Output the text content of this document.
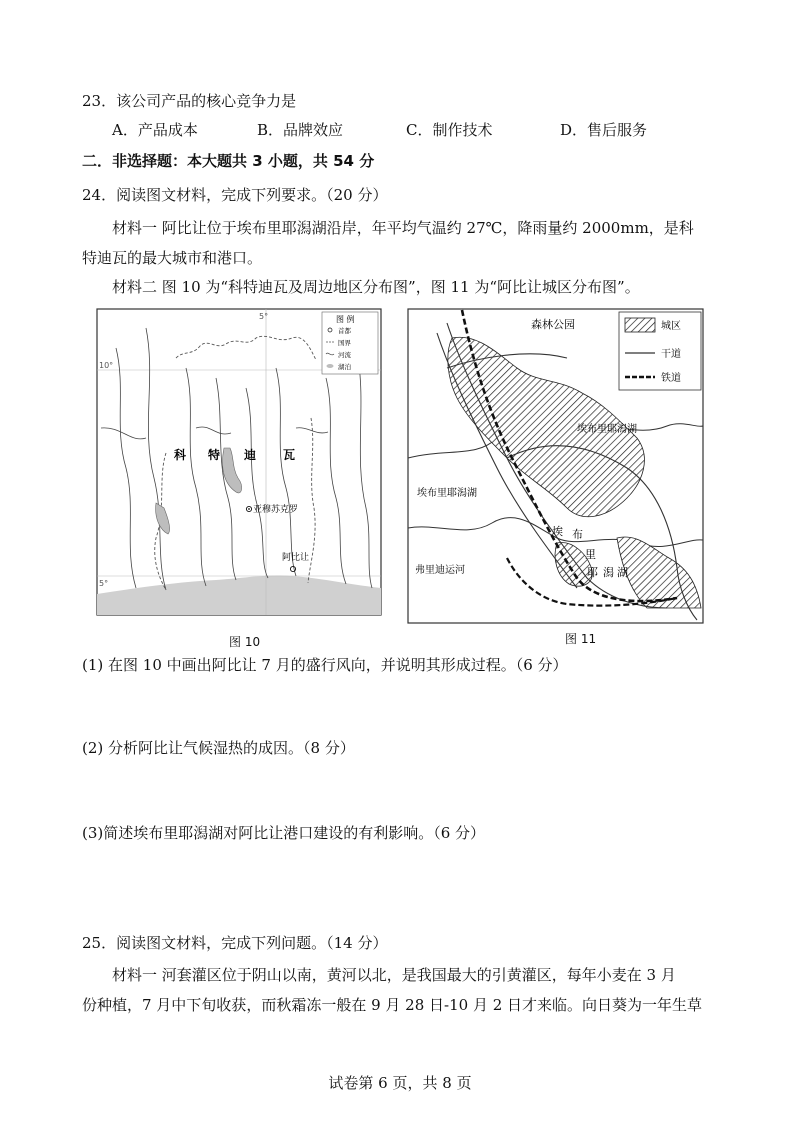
23．该公司产品的核心竞争力是
A．产品成本	B．品牌效应	C．制作技术	D．售后服务
二．非选择题：本大题共 3 小题，共 54 分
24．阅读图文材料，完成下列要求。（20 分）
材料一 阿比让位于埃布里耶潟湖沿岸，年平均气温约 27℃，降雨量约 2000mm，是科
特迪瓦的最大城市和港口。
材料二 图 10 为“科特迪瓦及周边地区分布图”，图 11 为“阿比让城区分布图”。
5°
10°
5°
科 特 迪 瓦
亚穆苏克罗
阿比让
图 例
首都
国界
河流
湖泊
图 10
森林公园
埃布里耶潟湖
埃布里耶潟湖
埃 布
里
耶 潟 湖
弗里迪运河
城区
干道
铁道
图 11
(1) 在图 10 中画出阿比让 7 月的盛行风向，并说明其形成过程。（6 分）
(2) 分析阿比让气候湿热的成因。（8 分）
(3)简述埃布里耶潟湖对阿比让港口建设的有利影响。（6 分）
25．阅读图文材料，完成下列问题。（14 分）
材料一 河套灌区位于阴山以南，黄河以北，是我国最大的引黄灌区，每年小麦在 3 月
份种植，7 月中下旬收获，而秋霜冻一般在 9 月 28 日-10 月 2 日才来临。向日葵为一年生草
试卷第 6 页，共 8 页
